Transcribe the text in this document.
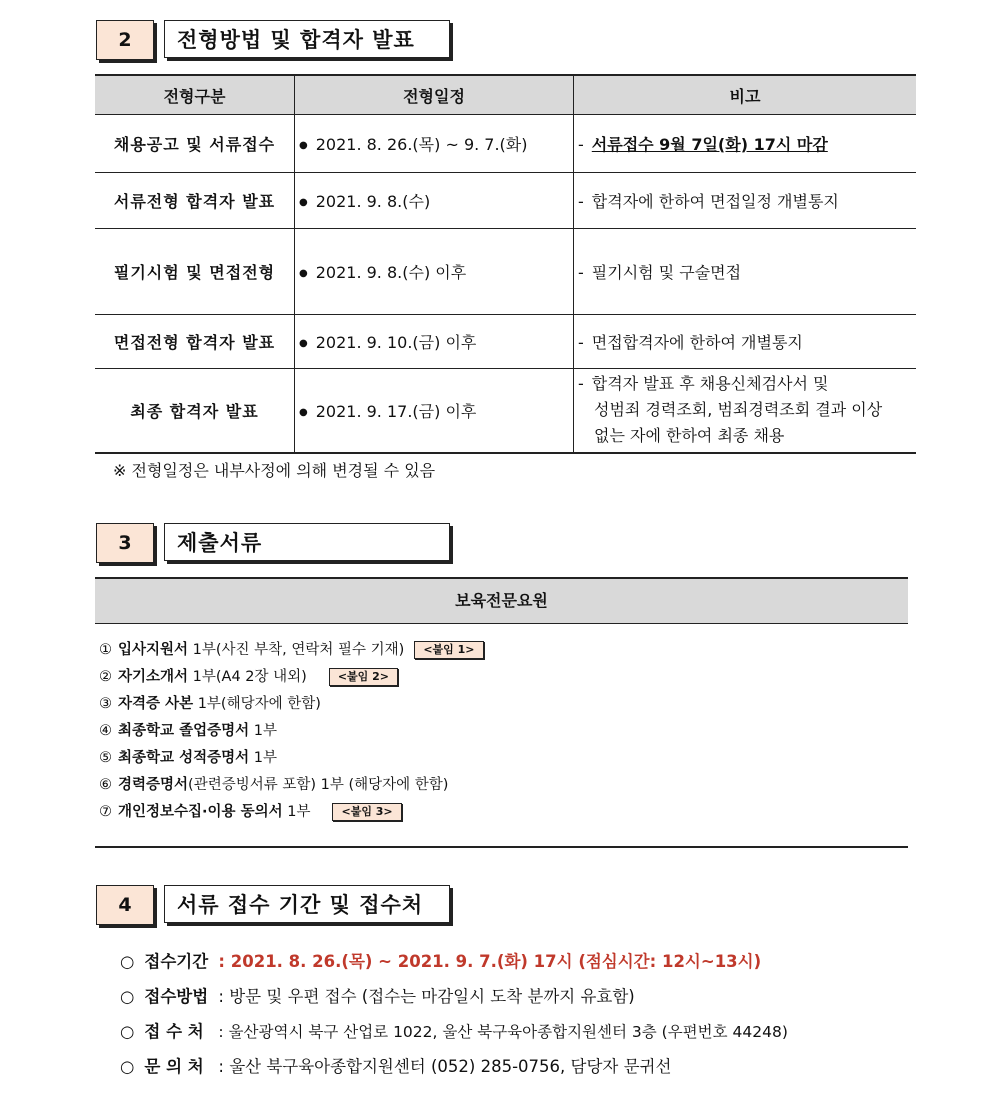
2	전형방법 및 합격자 발표
전형구분	전형일정	비고
채용공고 및 서류접수	● 2021. 8. 26.(목) ~ 9. 7.(화)	- 서류접수 9월 7일(화) 17시 마감
서류전형 합격자 발표	● 2021. 9. 8.(수)	- 합격자에 한하여 면접일정 개별통지
필기시험 및 면접전형	● 2021. 9. 8.(수) 이후	- 필기시험 및 구술면접
면접전형 합격자 발표	● 2021. 9. 10.(금) 이후	- 면접합격자에 한하여 개별통지
최종 합격자 발표	● 2021. 9. 17.(금) 이후	- 합격자 발표 후 채용신체검사서 및
성범죄 경력조회, 범죄경력조회 결과 이상
없는 자에 한하여 최종 채용
※ 전형일정은 내부사정에 의해 변경될 수 있음
3	제출서류
보육전문요원
① 입사지원서 1부(사진 부착, 연락처 필수 기재) <붙임 1>
② 자기소개서 1부(A4 2장 내외)	<붙임 2>
③ 자격증 사본 1부(해당자에 한함)
④ 최종학교 졸업증명서 1부
⑤ 최종학교 성적증명서 1부
⑥ 경력증명서(관련증빙서류 포함) 1부 (해당자에 한함)
⑦ 개인정보수집·이용 동의서 1부	<붙임 3>
4	서류 접수 기간 및 접수처
○ 접수기간 : 2021. 8. 26.(목) ~ 2021. 9. 7.(화) 17시 (점심시간: 12시~13시)
○ 접수방법 : 방문 및 우편 접수 (접수는 마감일시 도착 분까지 유효함)
○ 접 수 처 : 울산광역시 북구 산업로 1022, 울산 북구육아종합지원센터 3층 (우편번호 44248)
○ 문 의 처 : 울산 북구육아종합지원센터 (052) 285-0756, 담당자 문귀선
